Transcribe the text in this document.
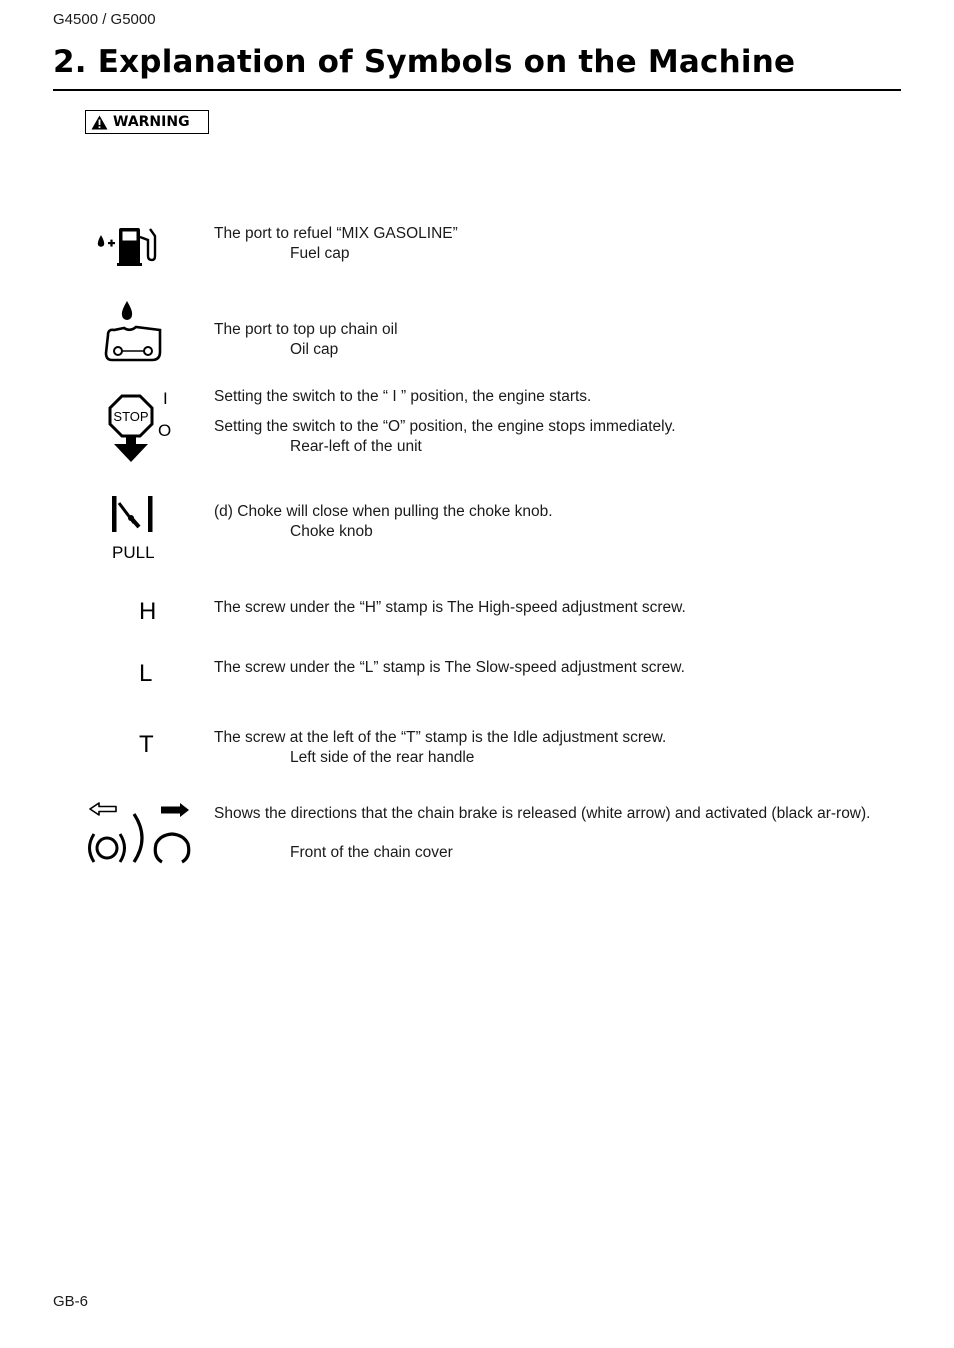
G4500 / G5000
2. Explanation of Symbols on the Machine
WARNING
The port to refuel “MIX GASOLINE”
Fuel cap
The port to top up chain oil
Oil cap
STOP
I
O
Setting the switch to the “ I ” position, the engine starts.
Setting the switch to the “O” position, the engine stops immediately.
Rear-left of the unit
PULL
(d) Choke will close when pulling the choke knob.
Choke knob
H	The screw under the “H” stamp is The High-speed adjustment screw.
L	The screw under the “L” stamp is The Slow-speed adjustment screw.
T	The screw at the left of the “T” stamp is the Idle adjustment screw.
Left side of the rear handle
Shows the directions that the chain brake is released (white arrow) and activated (black ar-row).
Front of the chain cover
GB-6
